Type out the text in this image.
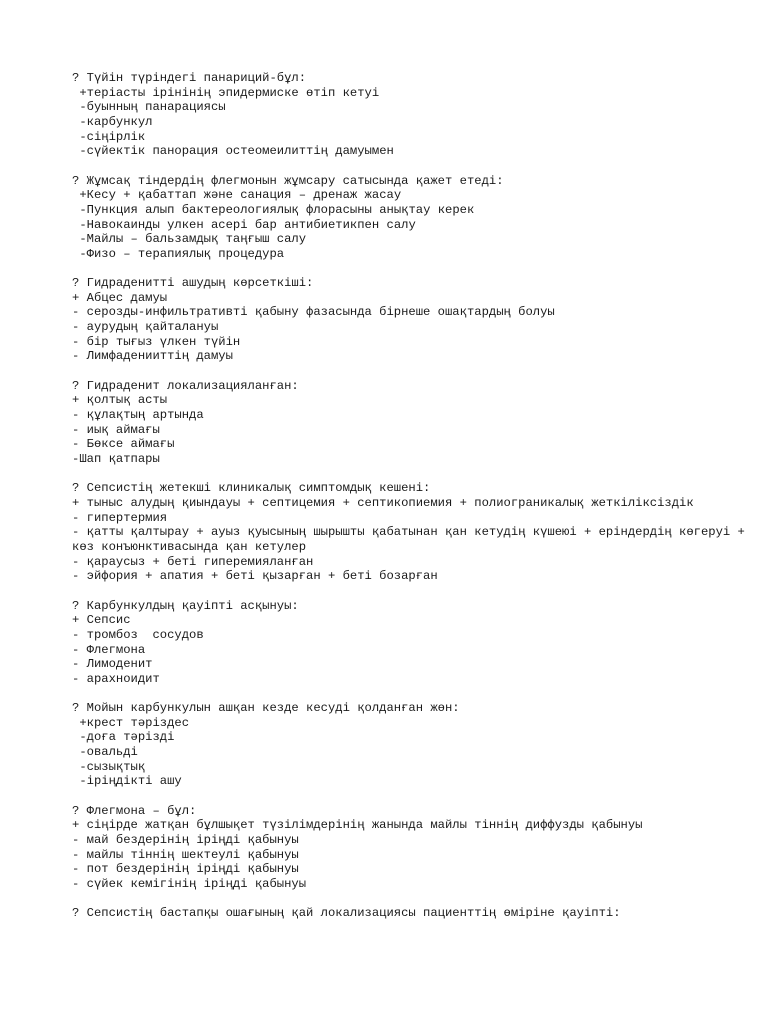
? Түйін түріндегі панариций-бұл:
+теріасты ірінінің эпидермиске өтіп кетуі
-буынның панарациясы
-карбункул
-сіңірлік
-сүйектік панорация остеомеилиттің дамуымен
? Жұмсақ тіндердің флегмонын жұмсару сатысында қажет етеді:
+Кесу + қабаттап және санация – дренаж жасау
-Пункция алып бактереологиялық флорасыны анықтау керек
-Навокаинды улкен асері бар антибиетикпен салу
-Майлы – бальзамдық таңғыш салу
-Физо – терапиялық процедура
? Гидраденитті ашудың көрсеткіші:
+ Абцес дамуы
- серозды-инфильтративті қабыну фазасында бірнеше ошақтардың болуы
- аурудың қайталануы
- бір тығыз үлкен түйін
- Лимфаденииттің дамуы
? Гидраденит локализацияланған:
+ қолтық асты
- құлақтың артында
- иық аймағы
- Бөксе аймағы
-Шап қатпары
? Сепсистің жетекші клиникалық симптомдық кешені:
+ тыныс алудың қиындауы + септицемия + септикопиемия + полиограникалық жеткіліксіздік
- гипертермия
- қатты қалтырау + ауыз қуысының шырышты қабатынан қан кетудің күшеюі + еріндердің көгеруі + көз конъюнктивасында қан кетулер
- қараусыз + беті гиперемияланған
- эйфория + апатия + беті қызарған + беті бозарған
? Карбункулдың қауіпті асқынуы:
+ Сепсис
- тромбоз  сосудов
- Флегмона
- Лимоденит
- арахноидит
? Мойын карбункулын ашқан кезде кесуді қолданған жөн:
+крест тәріздес
-доға тәрізді
-овальді
-сызықтық
-іріңдікті ашу
? Флегмона – бұл:
+ сіңірде жатқан бұлшықет түзілімдерінің жанында майлы тіннің диффузды қабынуы
- май бездерінің іріңді қабынуы
- майлы тіннің шектеулі қабынуы
- пот бездерінің іріңді қабынуы
- сүйек кемігінің іріңді қабынуы
? Сепсистің бастапқы ошағының қай локализациясы пациенттің өміріне қауіпті:
